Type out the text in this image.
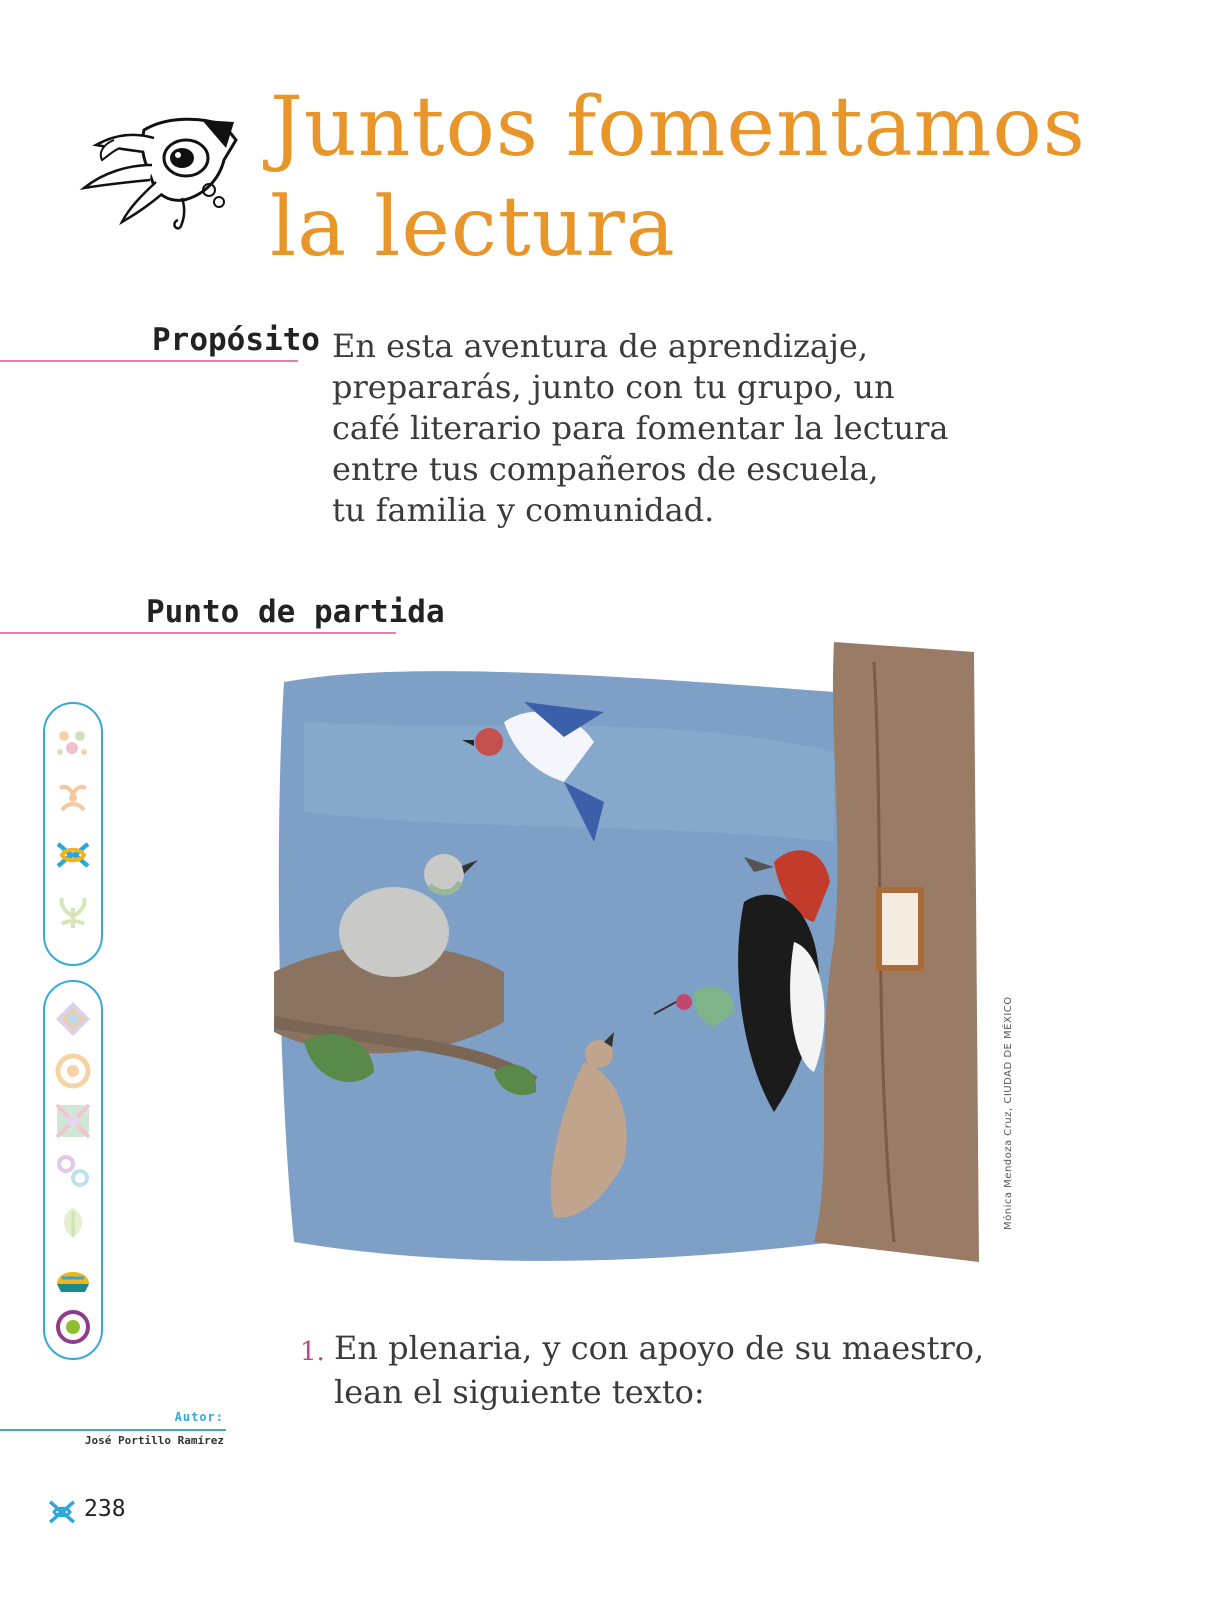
Juntos fomentamos
la lectura
Propósito En esta aventura de aprendizaje,
prepararás, junto con tu grupo, un
café literario para fomentar la lectura
entre tus compañeros de escuela,
tu familia y comunidad.

Punto de partida
Mónica Mendoza Cruz, CIUDAD DE MÉXICO
1. En plenaria, y con apoyo de su maestro,
lean el siguiente texto:
Autor:
José Portillo Ramírez
238
